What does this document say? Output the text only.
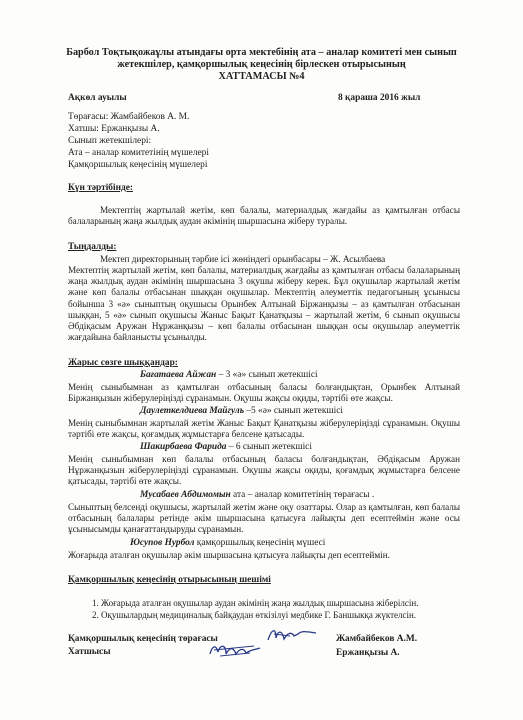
Барбол Тоқтықожаұлы атындағы орта мектебінің ата – аналар комитеті мен сынып
жетекшілер, қамқоршылық кеңесінің бірлескен отырысының
ХАТТАМАСЫ №4
Ақкөл ауылы	8 қараша 2016 жыл
Төрағасы: Жамбайбеков А. М.
Хатшы: Ержанқызы А.
Сынып жетекшілері:
Ата – аналар комитетінің мүшелері
Қамқоршылық кеңесінің мүшелері
Күн тәртібінде:
Мектептің жартылай жетім, көп балалы, материалдық жағдайы аз қамтылған отбасы балаларының жаңа жылдық аудан әкімінің шыршасына жіберу туралы.
Тыңдалды:
Мектеп директорының тәрбие ісі жөніндегі орынбасары – Ж. Асылбаева
Мектептің жартылай жетім, көп балалы, материалдық жағдайы аз қамтылған отбасы балаларының жаңа жылдық аудан әкімінің шыршасына 3 оқушы жіберу керек. Бұл оқушылар жартылай жетім және көп балалы отбасынан шыққан оқушылар. Мектептің әлеуметтік педагогының ұсынысы бойынша 3 «ә» сыныптың оқушысы Орынбек Алтынай Біржанқызы – аз қамтылған отбасынан шыққан, 5 «ә» сынып оқушысы Жаныс Бақыт Қанатқызы – жартылай жетім, 6 сынып оқушысы Әбдіқасым Аружан Нұржанқызы – көп балалы отбасынан шыққан осы оқушылар әлеуметтік жағдайына байланысты ұсынылды.
Жарыс сөзге шыққандар:
Бағатаева Айжан – 3 «ә» сынып жетекшісі
Менің сыныбымнан аз қамтылған отбасының баласы болғандықтан, Орынбек Алтынай Біржанқызын жіберулеріңізді сұранамын. Оқушы жақсы оқиды, тәртібі өте жақсы.
Даулеткелдиева Майгуль –5 «ә» сынып жетекшісі
Менің сыныбымнан жартылай жетім Жаныс Бақыт Қанатқызы жіберулеріңізді сұранамын. Оқушы тәртібі өте жақсы, қоғамдық жұмыстарға белсене қатысады.
Шакирбаева Фарида – 6 сынып жетекшісі
Менің сыныбымнан көп балалы отбасының баласы болғандықтан, Әбдіқасым Аружан Нұржанқызын жіберулеріңізді сұранамын. Оқушы жақсы оқиды, қоғамдық жұмыстарға белсене қатысады, тәртібі өте жақсы.
Мусабаев Абдимомын ата – аналар комитетінің төрағасы .
Сыныптың белсенді оқушысы, жартылай жетім және оқу озаттары. Олар аз қамтылған, көп балалы отбасының балалары ретінде әкім шыршасына қатысуға лайықты деп есептеймін және осы ұсынысымды қанағаттандыруды сұранамын.
Юсупов Нурбол қамқоршылық кеңесінің мүшесі
Жоғарыда аталған оқушылар әкім шыршасына қатысуға лайықты деп есептеймін.
Қамқоршылық кеңесінің отырысының шешімі
1. Жоғарыда аталған оқушылар аудан әкімінің жаңа жылдық шыршасына жіберілсін.
2. Оқушылардың медициналық байқаудан өткізілуі медбике Г. Баншыкқа жүктелсін.
Қамқоршылық кеңесінің төрағасы	Жамбайбеков А.М.
Хатшысы	Ержанқызы А.
